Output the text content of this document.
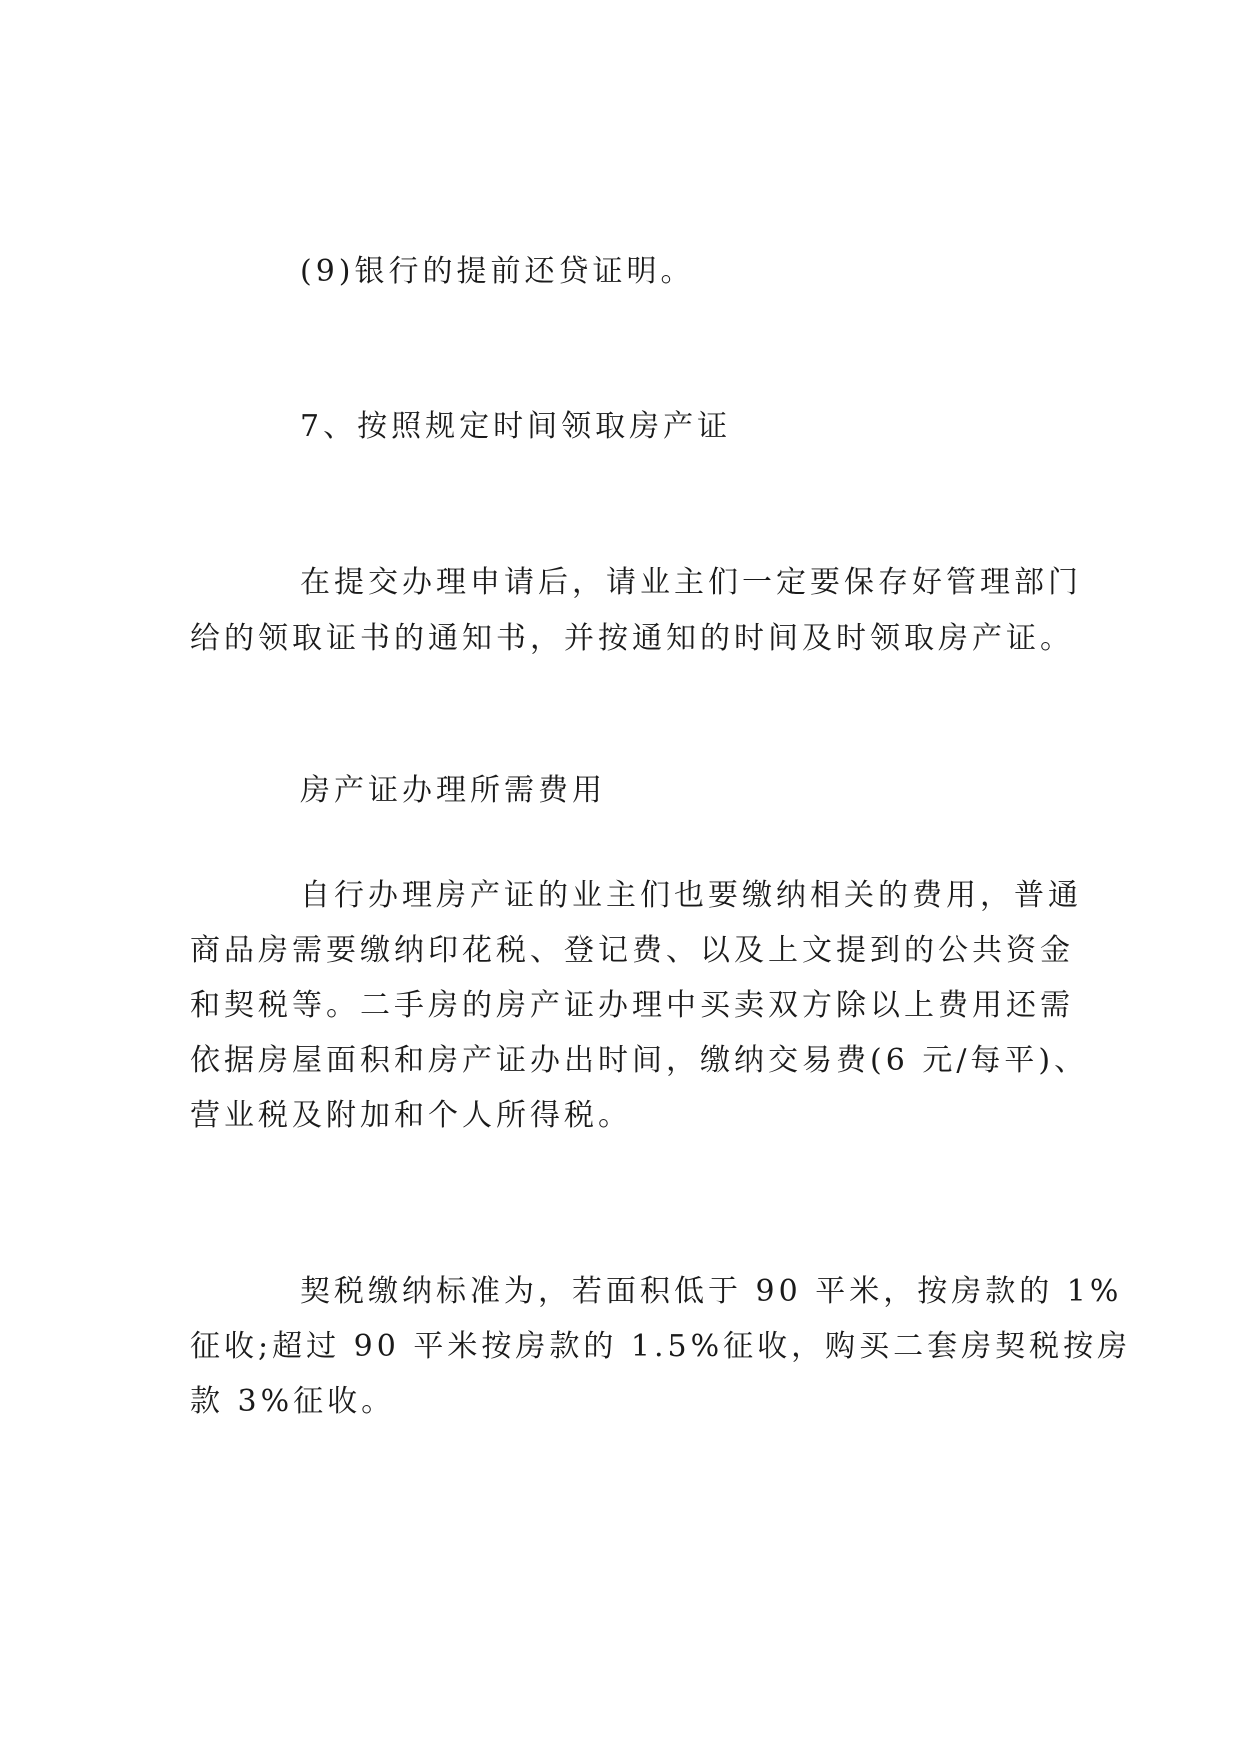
(9)银行的提前还贷证明。
7、按照规定时间领取房产证
在提交办理申请后，请业主们一定要保存好管理部门
给的领取证书的通知书，并按通知的时间及时领取房产证。
房产证办理所需费用
自行办理房产证的业主们也要缴纳相关的费用，普通
商品房需要缴纳印花税、登记费、以及上文提到的公共资金
和契税等。二手房的房产证办理中买卖双方除以上费用还需
依据房屋面积和房产证办出时间，缴纳交易费(6 元/每平)、
营业税及附加和个人所得税。
契税缴纳标准为，若面积低于 90 平米，按房款的 1%
征收;超过 90 平米按房款的 1.5%征收，购买二套房契税按房
款 3%征收。
